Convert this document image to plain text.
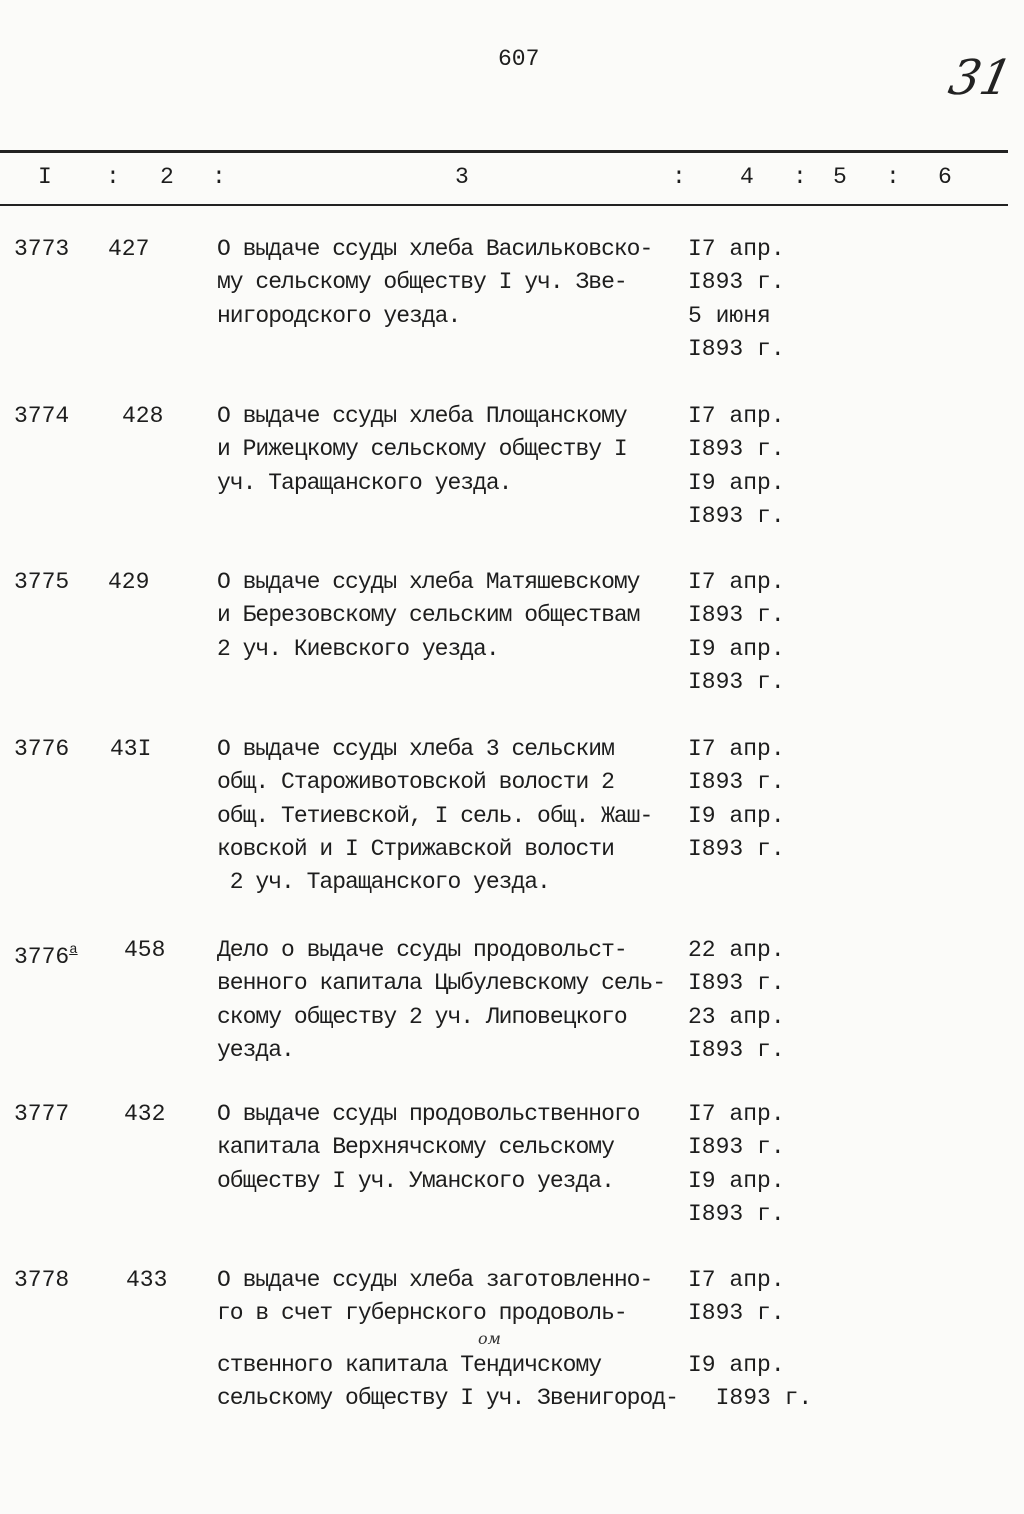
607	31
I : 2 :	3	: 4 : 5 : 6
3773 427	О выдаче ссуды хлеба Васильковско-
му сельскому обществу I уч. Зве-
нигородского уезда.
I7 апр.
I893 г.
5 июня
I893 г.
3774 428 О выдаче ссуды хлеба Площанскому
и Рижецкому сельскому обществу I
уч. Таращанского уезда.
I7 апр.
I893 г.
I9 апр.
I893 г.
3775 429	О выдаче ссуды хлеба Матяшевскому
и Березовскому сельским обществам
2 уч. Киевского уезда.
I7 апр.
I893 г.
I9 апр.
I893 г.
3776 43I	О выдаче ссуды хлеба 3 сельским
общ. Староживотовской волости 2
общ. Тетиевской, I сель. общ. Жаш-
ковской и I Стрижавской волости
2 уч. Таращанского уезда.
I7 апр.
I893 г.
I9 апр.
I893 г.
$3776^а$ 458 Дело о выдаче ссуды продовольст-
венного капитала Цыбулевскому сель-
скому обществу 2 уч. Липовецкого
уезда.
22 апр.
I893 г.
23 апр.
I893 г.
3777 432 О выдаче ссуды продовольственного
капитала Верхнячскому сельскому
обществу I уч. Уманского уезда.
I7 апр.
I893 г.
I9 апр.
I893 г.
3778 433 О выдаче ссуды хлеба заготовленно-
го в счет губернского продоволь-
ственного капитала Тендичскому
сельскому обществу I уч. Звенигород-
I7 апр.
I893 г.
I9 апр.
I893 г.
ом
